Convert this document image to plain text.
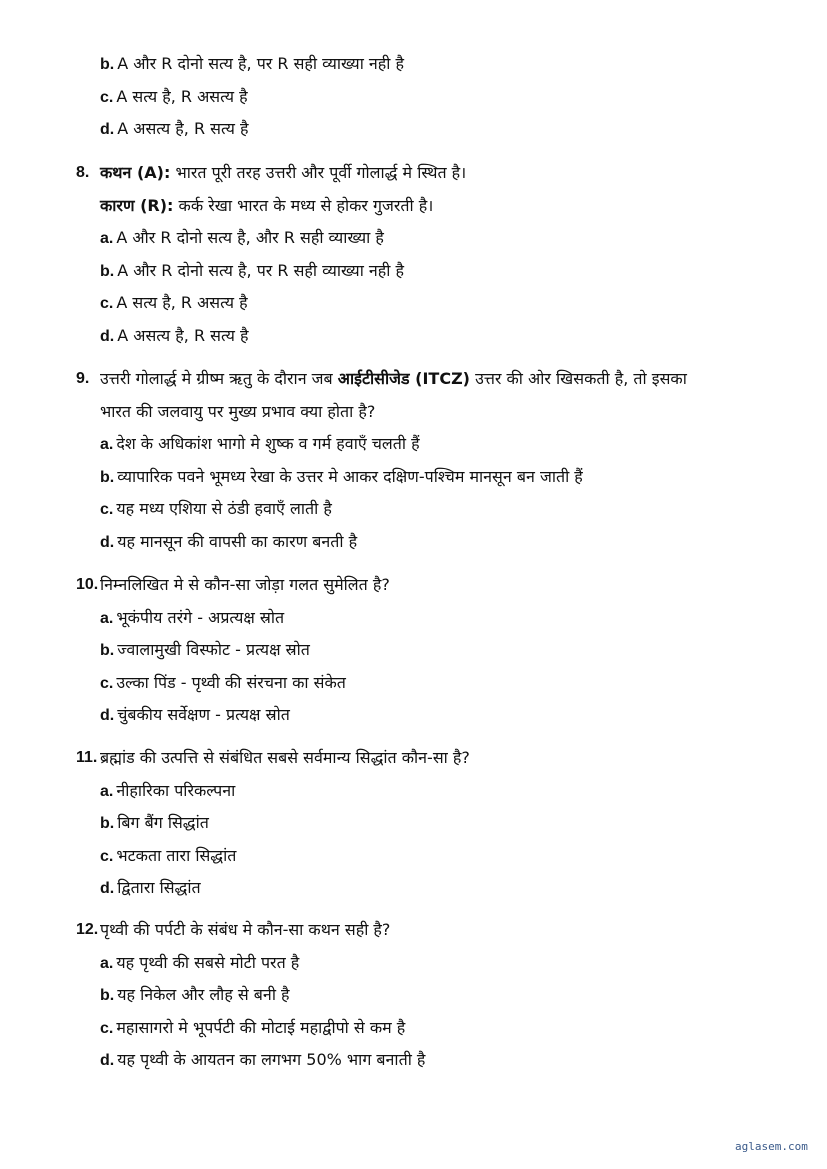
b. A और R दोनो सत्य है, पर R सही व्याख्या नही है
c. A सत्य है, R असत्य है
d. A असत्य है, R सत्य है
8. कथन (A): भारत पूरी तरह उत्तरी और पूर्वी गोलार्द्ध मे स्थित है।
कारण (R): कर्क रेखा भारत के मध्य से होकर गुजरती है।
a. A और R दोनो सत्य है, और R सही व्याख्या है
b. A और R दोनो सत्य है, पर R सही व्याख्या नही है
c. A सत्य है, R असत्य है
d. A असत्य है, R सत्य है
9. उत्तरी गोलार्द्ध मे ग्रीष्म ऋतु के दौरान जब आईटीसीजेड (ITCZ) उत्तर की ओर खिसकती है, तो इसका
भारत की जलवायु पर मुख्य प्रभाव क्या होता है?
a. देश के अधिकांश भागो मे शुष्क व गर्म हवाएँ चलती हैं
b. व्यापारिक पवने भूमध्य रेखा के उत्तर मे आकर दक्षिण-पश्चिम मानसून बन जाती हैं
c. यह मध्य एशिया से ठंडी हवाएँ लाती है
d. यह मानसून की वापसी का कारण बनती है
10. निम्नलिखित मे से कौन-सा जोड़ा गलत सुमेलित है?
a. भूकंपीय तरंगे - अप्रत्यक्ष स्रोत
b. ज्वालामुखी विस्फोट - प्रत्यक्ष स्रोत
c. उल्का पिंड - पृथ्वी की संरचना का संकेत
d. चुंबकीय सर्वेक्षण - प्रत्यक्ष स्रोत
11. ब्रह्मांड की उत्पत्ति से संबंधित सबसे सर्वमान्य सिद्धांत कौन-सा है?
a. नीहारिका परिकल्पना
b. बिग बैंग सिद्धांत
c. भटकता तारा सिद्धांत
d. द्वितारा सिद्धांत
12. पृथ्वी की पर्पटी के संबंध मे कौन-सा कथन सही है?
a. यह पृथ्वी की सबसे मोटी परत है
b. यह निकेल और लौह से बनी है
c. महासागरो मे भूपर्पटी की मोटाई महाद्वीपो से कम है
d. यह पृथ्वी के आयतन का लगभग 50% भाग बनाती है
aglasem.com
